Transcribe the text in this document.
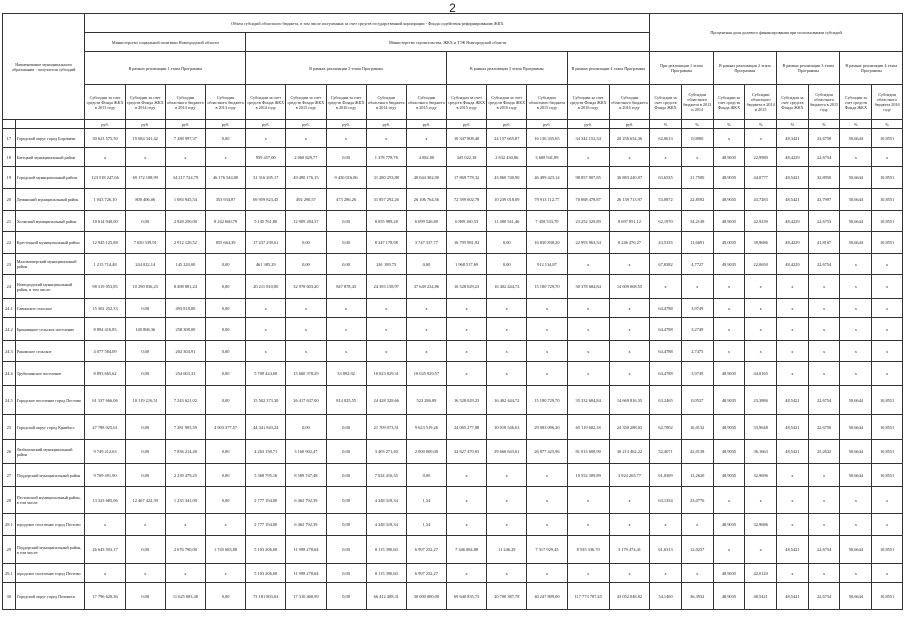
2
Наименование муниципального образования - получателя субсидий		Объем субсидий областного бюджета, в том числе полученных за счет средств государственной корпорации - Фонда содействия реформированию ЖКХ														Процентная доля долевого финансирования при использовании субсидий							
		Министерство социальной политики Новгородской области				Министерство строительства, ЖКХ и ТЭК Новгородской области																	
		В рамках реализации 1 этапа Программы				В рамках реализации 2 этапа Программы					В рамках реализации 3 этапа Программы			В рамках реализации 4 этапа Программы		При реализации 1 этапа Программы		В рамках реализации 2 этапа Программы		В рамках реализации 3 этапа Программы		В рамках реализации 4 этапа Программы	
		Субсидии за счет средств Фонда ЖКХ в 2013 году	Субсидии за счет средств Фонда ЖКХ в 2014 году	Субсидии областного бюджета в 2014 году	Субсидии областного бюджета в 2014 году	Субсидии за счет средств Фонда ЖКХ в 2014 году	Субсидии за счет средств Фонда ЖКХ в 2015 году	Субсидии за счет средств Фонда ЖКХ в 2016 году	Субсидии областного бюджета в 2014 году	Субсидии областного бюджета в 2015 году	Субсидии за счет средств Фонда ЖКХ в 2015 году	Субсидии за счет средств Фонда ЖКХ в 2016 году	Субсидии областного бюджета в 2015 году	Субсидии за счет средств Фонда ЖКХ в 2016 году	Субсидии областного бюджета в 2016 году	Субсидии за счет средств Фонда ЖКХ	Субсидии областного бюджета в 2013 и 2014	Субсидии за счет средств Фонда ЖКХ	Субсидии областного бюджета в 2014 и 2015	Субсидии за счет средств Фонда ЖКХ	Субсидии областного бюджета в 2015 году	Субсидии за счет средств Фонда ЖКХ	Субсидии областного бюджета 2016 году
		руб.	руб.	руб.	руб.	руб.	руб.	руб.	руб.	руб.	руб.	руб.	руб.	руб.	руб.	%	%	%	%	%	%	%	%
17	Городской округ город Боровичи	30 623 575,50	19 684 341,42	7 288 997,37	0,00	x	x	x	x	x	10 347 808,40	24 157 665,87	16 136 335,65	34 342 152,34	20 256 654,36	62,0613	0,0000	x	x	48,3421	22,6750	50,6644	10,8551
18	Батецкий муниципальный район	x	x	x	x	959 457,00	2 060 829,77	0,00	1 378 778,76	4 082,00	345 022,18	2 632 430,86	3 608 941,89	x	x	x	x	48,9035	22,9980	48,4229	22,6754	x	x
19	Городской муниципальный район	123 518 247,66	69 172 108,99	34 217 724,79	46 176 544,80	31 316 205,17	49 490 176,15	9 430 016,86	31 280 253,88	40 044 302,00	17 869 778,32	43 860 740,90	46 499 423,14	98 857 007,85	36 883 240,07	63,6535	21,7500	48,9035	44,0777	48,5421	32,8950	50,6644	10,8551
20	Демянский муниципальный район	1 043 726,10	800 406,06	1 083 945,54	353 934,87	69 959 823,45	492 290,57	473 286,26	31 857 292,26	26 106 764,56	72 599 602,78	10 239 018,09	79 913 112,77	70 068 478,87	26 139 713,97	53,0872	22,8592	48,9035	43,7283	48,5421	43,7997	50,6644	10,8551
21	Холмский муниципальный район	18 614 940,00	0,00	2 828 250,00	8 242 660,79	5 145 761,80	12 909 284,37	0,00	8 055 989,28	6 099 526,80	6 889 160,53	11 480 541,46	7 458 533,70	23 252 329,89	8 697 851,12	62,1970	34,2149	48,9035	42,9239	48,4229	22,6753	50,6644	10,8551
22	Крестецкий муниципальный район	12 945 125,88	7 650 339,91	2 912 120,52	855 664,39	17 237 239,61	0,00	0,00	8 347 178,98	3 747 337,77	16 795 981,92	0,00	16 830 838,20	22 993 963,54	8 246 476,27	43,5335	11,6691	49,0035	39,9686	48,4229	41,8167	50,6644	10,8551
23	Маловишерский муниципальный район	1 215 714,48	244 022,14	145 220,00	0,00	461 385,29	0,00	0,00	261 189,75	0,00	1 968 517,69	0,00	912 134,87	x	x	67,8382	4,7727	49,9035	22,0650	48,4229	22,6754	x	x
24	Новгородский муниципальный район, в том числе:	98 319 053,85	10 290 836,23	8 498 881,24	0,00	20 211 810,00	32 978 603,20	847 878,43	24 393 158,97	37 649 234,86	16 528 029,23	16 402 444,72	15 180 729,70	30 378 684,84	14 609 068,55	x	x	x	x	x	x	x	x
24.1	Савинское сельское	15 302 252,33	0,00	493 818,00	0,00	x	x	x	x	x	x	x	x	x	x	64,4788	3,9749	x	x	x	x	x	x
24.2	Бронницкое сельское поселение	8 894 416,83	140 868,36	258 308,00	0,00	x	x	x	x	x	x	x	x	x	x	64,4788	3,2749	x	x	x	x	x	x
24.3	Ракомское сельское	4 077 584,09	0,00	202 304,91	0,00	x	x	x	x	x	x	x	x	x	x	64,4788	2,7475	x	x	x	x	x	x
24.4	Трубичинское поселение	8 893 665,62	0,00	254 603,31	0,00	5 709 424,00	15 660 378,29	33 892,92	10 023 829,31	10 025 929,57	x	x	x	x	x	64,4788	3,9749	48,9035	44,0165	x	x	x	x
24.5	Городское поселение город Пестово	61 337 666,06	10 119 216,51	7 243 621,02	0,00	15 502 373,30	26 417 637,00	814 025,55	24 428 328,66	523 286,09	16 528 029,23	16 402 444,72	15 180 729,70	35 332 684,84	14 669 816,35	63,2465	0,0537	48,9035	23,3886	48,5421	22,6754	50,6644	10,8551
25	Городской округ город Кривбасс	47 788 025,61	0,00	7 281 905,59	4 903 377,57	44 341 843,24	0,00	0,00	21 709 073,51	9 623 519,26	24 065 277,88	10 018 546,63	29 083 096,20	65 119 682,18	24 350 288,03	62,7002	16,0132	48,9035	33,9648	48,5421	22,6750	50,6644	10,8551
26	Любытинский муниципальный район	9 749 212,63	0,00	7 836 214,40	0,00	4 263 158,71	3 160 902,47	0,00	3 403 271,40	2 000 000,00	32 627 470,83	39 660 643,61	26 877 425,96	81 013 608,90	30 213 462,22	52,4071	42,0138	48,9035	36,1663	48,5421	25,2632	50,6644	10,8551
27	Поддорский муниципальный район	9 769 491,90	0,00	2 239 479,25	0,00	5 368 795,16	8 589 747,48	0,00	7 024 416,35	0,00	x	x	x	10 552 309,89	3 924 265,77	61,0309	13,2620	48,9035	32,9696	x	x	50,6644	10,8551
28	Пестовский муниципальный район, в том числе:	13 323 685,06	12 467 422,39	1 235 341,09	0,00	2 777 194,00	6 462 792,39	0,00	4 348 318,34	1,34	x	x	x	x	x	63,1354	23,0776	x	x	x	x	x	x
28.1	городское поселение город Пестово	x	x	x	x	2 777 194,00	6 462 792,39	0,00	4 348 318,34	1,34	x	x	x	x	x	x	x	48,9035	32,9686	x	x	x	x
29	Поддорский муниципальный район, в том числе:	26 643 592,17	0,00	2 676 790,00	1 745 683,88	5 103 206,00	11 998 278,64	0,00	8 115 390,60	6 997 252,27	7 346 084,88	11 246,29	7 317 929,45	8 535 336,70	3 179 474,41	61,6313	12,0257	x	x	48,5421	22,6754	50,6644	10,8551
29.1	городское поселение город Пестово	x	x	x	x	5 103 206,00	11 998 278,64	0,00	8 115 390,60	6 997 252,27	x	x	x	x	x	x	x	48,9035	42,0120	x	x	x	x
30	Городской округ город Печенеги	17 796 620,36	0,00	11 625 003,38	0,00	73 181 803,63	17 310 468,99	0,00	66 412 408,31	30 000 000,00	69 640 835,73	20 700 387,78	40 247 809,00	117 773 707,45	43 052 048,82	54,1400	36,3932	48,9035	48,5421	48,5421	22,6754	50,6644	10,8551
